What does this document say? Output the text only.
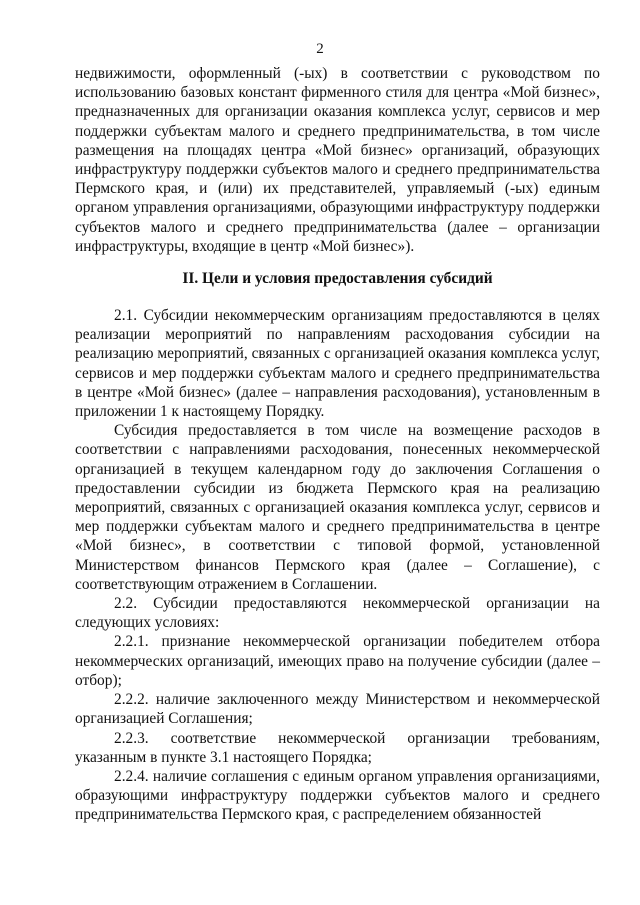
2

недвижимости, оформленный (-ых) в соответствии с руководством по использованию базовых констант фирменного стиля для центра «Мой бизнес», предназначенных для организации оказания комплекса услуг, сервисов и мер поддержки субъектам малого и среднего предпринимательства, в том числе размещения на площадях центра «Мой бизнес» организаций, образующих инфраструктуру поддержки субъектов малого и среднего предпринимательства Пермского края, и (или) их представителей, управляемый (-ых) единым органом управления организациями, образующими инфраструктуру поддержки субъектов малого и среднего предпринимательства (далее – организации инфраструктуры, входящие в центр «Мой бизнес»).

II. Цели и условия предоставления субсидий

2.1. Субсидии некоммерческим организациям предоставляются в целях реализации мероприятий по направлениям расходования субсидии на реализацию мероприятий, связанных с организацией оказания комплекса услуг, сервисов и мер поддержки субъектам малого и среднего предпринимательства в центре «Мой бизнес» (далее – направления расходования), установленным в приложении 1 к настоящему Порядку.

Субсидия предоставляется в том числе на возмещение расходов в соответствии с направлениями расходования, понесенных некоммерческой организацией в текущем календарном году до заключения Соглашения о предоставлении субсидии из бюджета Пермского края на реализацию мероприятий, связанных с организацией оказания комплекса услуг, сервисов и мер поддержки субъектам малого и среднего предпринимательства в центре «Мой бизнес», в соответствии с типовой формой, установленной Министерством финансов Пермского края (далее – Соглашение), с соответствующим отражением в Соглашении.

2.2. Субсидии предоставляются некоммерческой организации на следующих условиях:

2.2.1. признание некоммерческой организации победителем отбора некоммерческих организаций, имеющих право на получение субсидии (далее – отбор);

2.2.2. наличие заключенного между Министерством и некоммерческой организацией Соглашения;

2.2.3. соответствие некоммерческой организации требованиям, указанным в пункте 3.1 настоящего Порядка;

2.2.4. наличие соглашения с единым органом управления организациями, образующими инфраструктуру поддержки субъектов малого и среднего предпринимательства Пермского края, с распределением обязанностей
